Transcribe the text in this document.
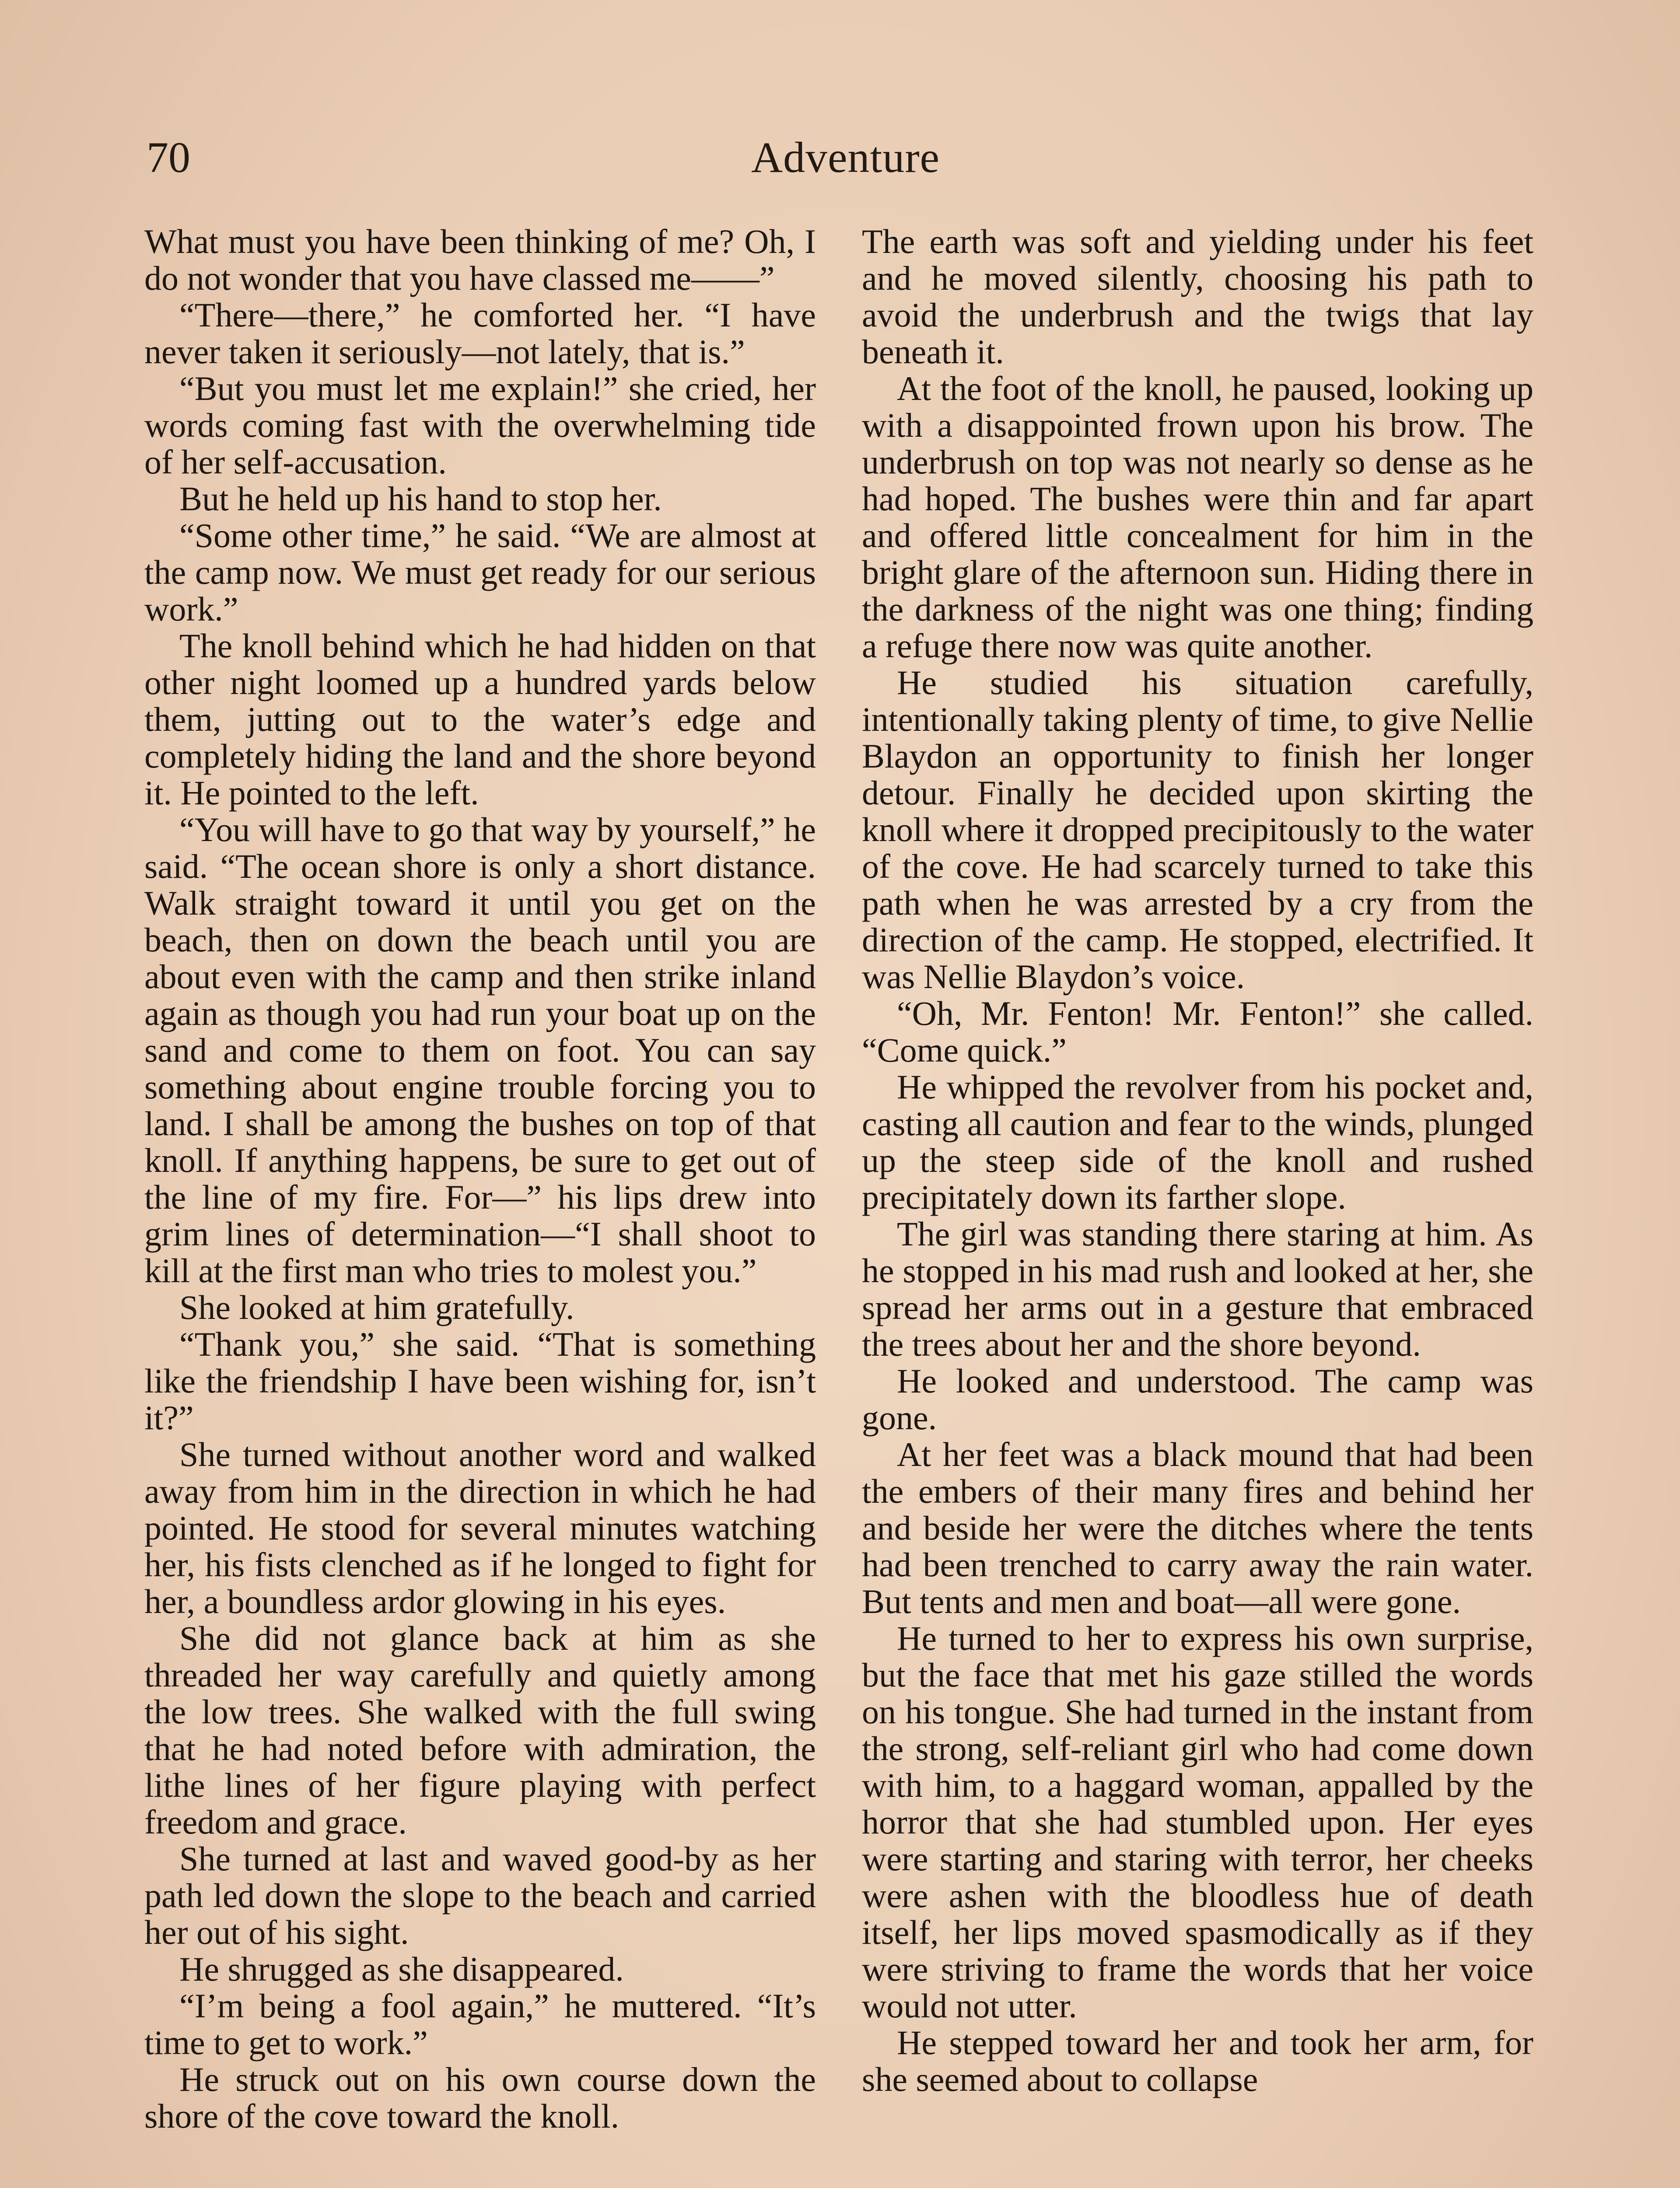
70	Adventure

What must you have been thinking of me? Oh, I do not wonder that you have classed me——”

“There—there,” he comforted her. “I have never taken it seriously—not lately, that is.”

“But you must let me explain!” she cried, her words coming fast with the overwhelming tide of her self-accusation.

But he held up his hand to stop her.

“Some other time,” he said. “We are almost at the camp now. We must get ready for our serious work.”

The knoll behind which he had hidden on that other night loomed up a hundred yards below them, jutting out to the water’s edge and completely hiding the land and the shore beyond it. He pointed to the left.

“You will have to go that way by yourself,” he said. “The ocean shore is only a short distance. Walk straight toward it until you get on the beach, then on down the beach until you are about even with the camp and then strike inland again as though you had run your boat up on the sand and come to them on foot. You can say something about engine trouble forcing you to land. I shall be among the bushes on top of that knoll. If anything happens, be sure to get out of the line of my fire. For—” his lips drew into grim lines of determination—“I shall shoot to kill at the first man who tries to molest you.”

She looked at him gratefully.

“Thank you,” she said. “That is something like the friendship I have been wishing for, isn’t it?”

She turned without another word and walked away from him in the direction in which he had pointed. He stood for several minutes watching her, his fists clenched as if he longed to fight for her, a boundless ardor glowing in his eyes.

She did not glance back at him as she threaded her way carefully and quietly among the low trees. She walked with the full swing that he had noted before with admiration, the lithe lines of her figure playing with perfect freedom and grace.

She turned at last and waved good-by as her path led down the slope to the beach and carried her out of his sight.

He shrugged as she disappeared.

“I’m being a fool again,” he muttered. “It’s time to get to work.”

He struck out on his own course down the shore of the cove toward the knoll.

The earth was soft and yielding under his feet and he moved silently, choosing his path to avoid the underbrush and the twigs that lay beneath it.

At the foot of the knoll, he paused, looking up with a disappointed frown upon his brow. The underbrush on top was not nearly so dense as he had hoped. The bushes were thin and far apart and offered little concealment for him in the bright glare of the afternoon sun. Hiding there in the darkness of the night was one thing; finding a refuge there now was quite another.

He studied his situation carefully, intentionally taking plenty of time, to give Nellie Blaydon an opportunity to finish her longer detour. Finally he decided upon skirting the knoll where it dropped precipitously to the water of the cove. He had scarcely turned to take this path when he was arrested by a cry from the direction of the camp. He stopped, electrified. It was Nellie Blaydon’s voice.

“Oh, Mr. Fenton! Mr. Fenton!” she called. “Come quick.”

He whipped the revolver from his pocket and, casting all caution and fear to the winds, plunged up the steep side of the knoll and rushed precipitately down its farther slope.

The girl was standing there staring at him. As he stopped in his mad rush and looked at her, she spread her arms out in a gesture that embraced the trees about her and the shore beyond.

He looked and understood. The camp was gone.

At her feet was a black mound that had been the embers of their many fires and behind her and beside her were the ditches where the tents had been trenched to carry away the rain water. But tents and men and boat—all were gone.

He turned to her to express his own surprise, but the face that met his gaze stilled the words on his tongue. She had turned in the instant from the strong, self-reliant girl who had come down with him, to a haggard woman, appalled by the horror that she had stumbled upon. Her eyes were starting and staring with terror, her cheeks were ashen with the bloodless hue of death itself, her lips moved spasmodically as if they were striving to frame the words that her voice would not utter.

He stepped toward her and took her arm, for she seemed about to collapse
